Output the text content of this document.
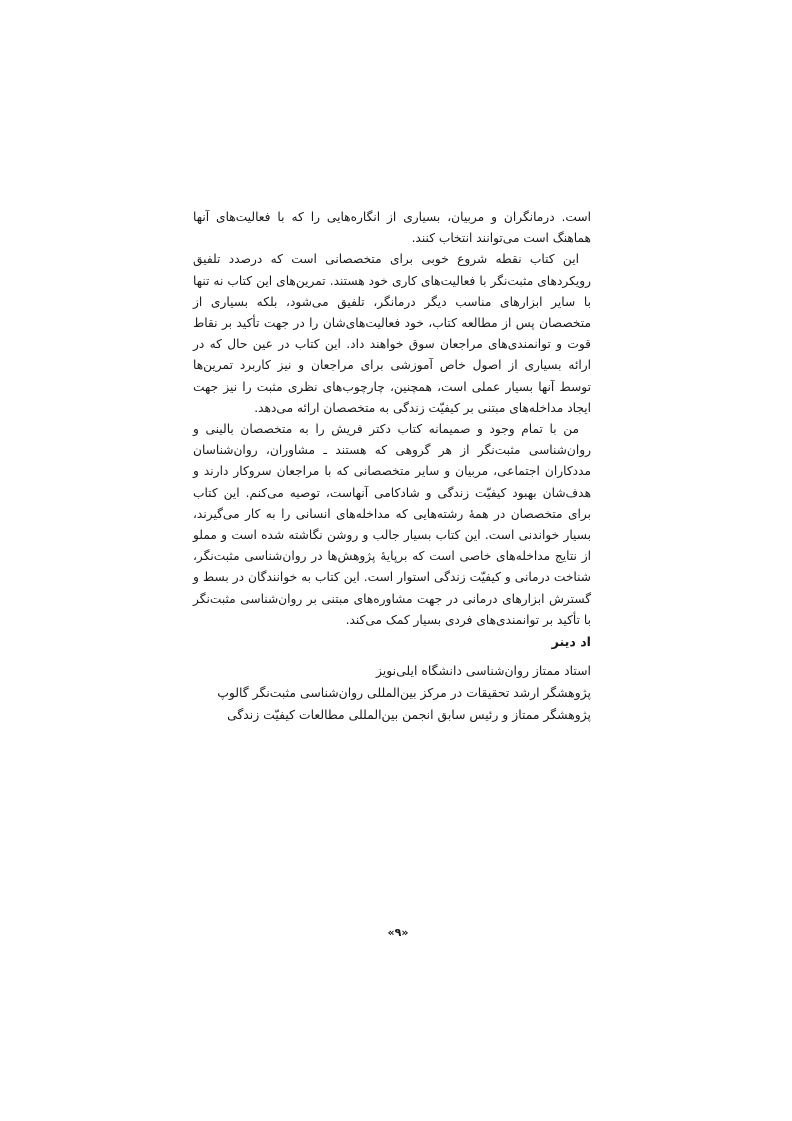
است. درمانگران و مربیان، بسیاری از انگاره‌هایی را که با فعالیت‌های آنها هماهنگ است می‌توانند انتخاب کنند.

این کتاب نقطه شروع خوبی برای متخصصانی است که درصدد تلفیق رویکردهای مثبت‌نگر با فعالیت‌های کاری خود هستند. تمرین‌های این کتاب نه تنها با سایر ابزارهای مناسب دیگر درمانگر، تلفیق می‌شود، بلکه بسیاری از متخصصان پس از مطالعه کتاب، خود فعالیت‌های‌شان را در جهت تأکید بر نقاط قوت و توانمندی‌های مراجعان سوق خواهند داد. این کتاب در عین حال که در ارائه بسیاری از اصول خاص آموزشی برای مراجعان و نیز کاربرد تمرین‌ها توسط آنها بسیار عملی است، همچنین، چارچوب‌های نظری مثبت را نیز جهت ایجاد مداخله‌های مبتنی بر کیفیّت زندگی به متخصصان ارائه می‌دهد.

من با تمام وجود و صمیمانه کتاب دکتر فریش را به متخصصان بالینی و روان‌شناسی مثبت‌نگر از هر گروهی که هستند ـ مشاوران، روان‌شناسان مددکاران اجتماعی، مربیان و سایر متخصصانی که با مراجعان سروکار دارند و هدف‌شان بهبود کیفیّت زندگی و شادکامی آنهاست، توصیه می‌کنم. این کتاب برای متخصصان در همهٔ رشته‌هایی که مداخله‌های انسانی را به کار می‌گیرند، بسیار خواندنی است. این کتاب بسیار جالب و روشن نگاشته شده است و مملو از نتایج مداخله‌های خاصی است که بر‌پایهٔ پژوهش‌ها در روان‌شناسی مثبت‌نگر، شناخت درمانی و کیفیّت زندگی استوار است. این کتاب به خوانندگان در بسط و گسترش ابزارهای درمانی در جهت مشاوره‌های مبتنی بر روان‌شناسی مثبت‌نگر با تأکید بر توانمندی‌های فردی بسیار کمک می‌کند.

اد دینر

استاد ممتاز روان‌شناسی دانشگاه ایلی‌نویز

پژوهشگر ارشد تحقیقات در مرکز بین‌المللی روان‌شناسی مثبت‌نگر گالوپ

پژوهشگر ممتاز و رئیس سابق انجمن بین‌المللی مطالعات کیفیّت زندگی

«۹»
